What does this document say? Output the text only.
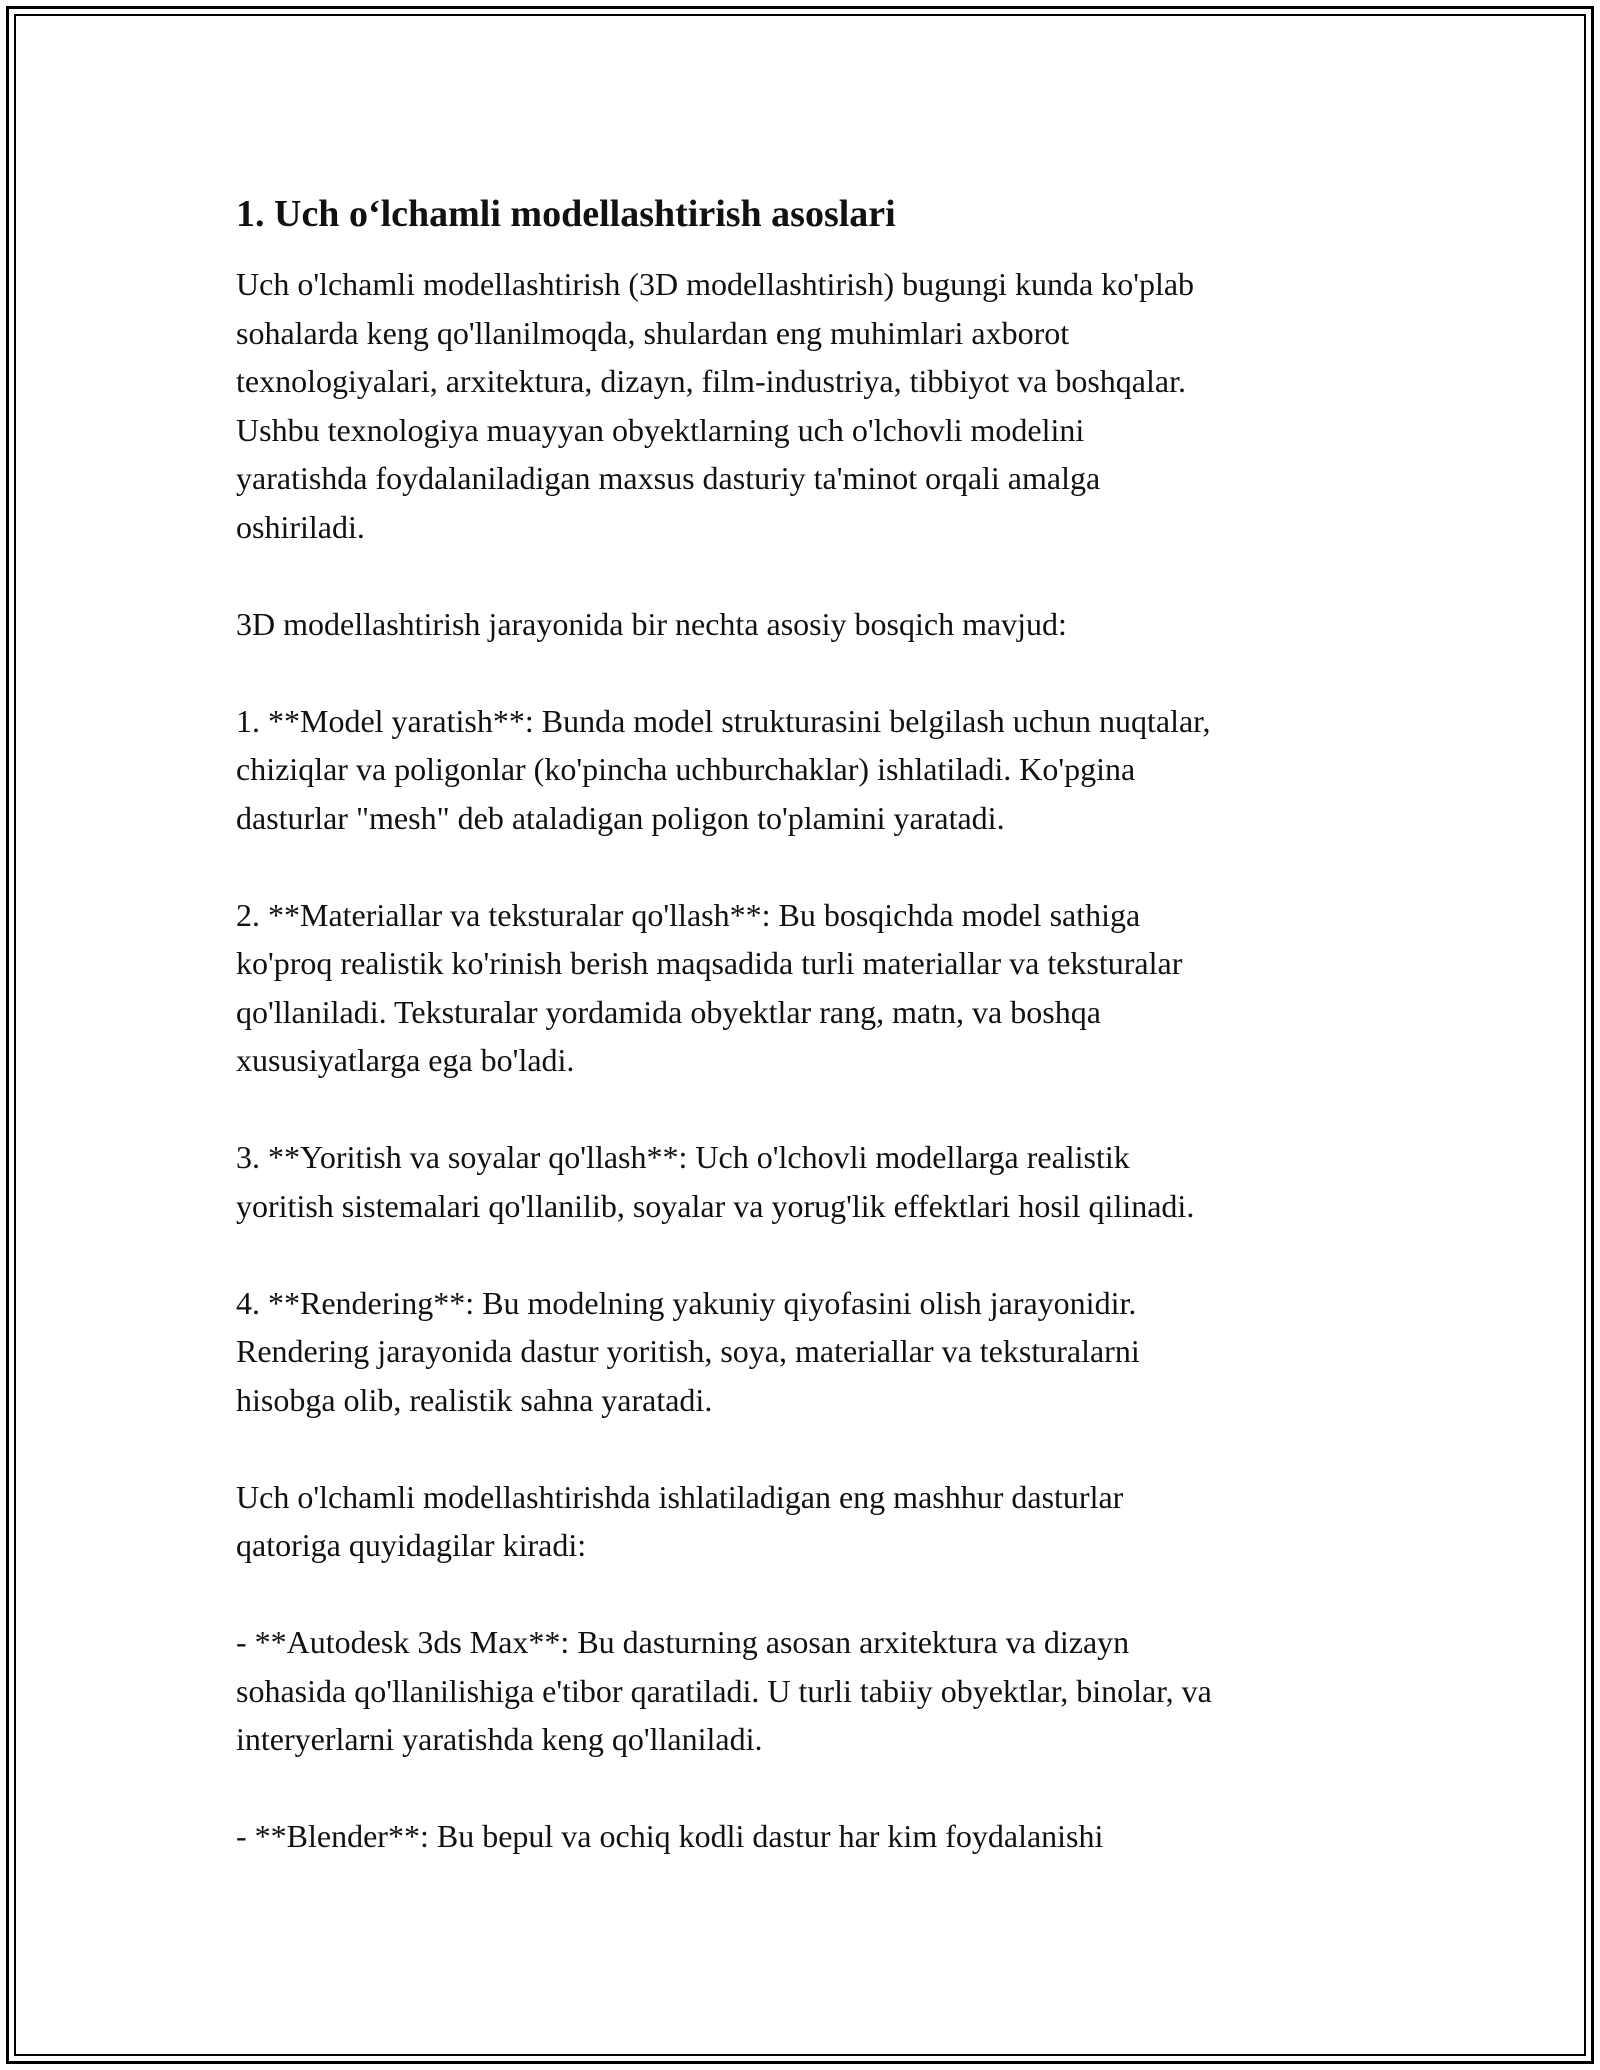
1. Uch o‘lchamli modellashtirish asoslari

Uch o'lchamli modellashtirish (3D modellashtirish) bugungi kunda ko'plab
sohalarda keng qo'llanilmoqda, shulardan eng muhimlari axborot
texnologiyalari, arxitektura, dizayn, film-industriya, tibbiyot va boshqalar.
Ushbu texnologiya muayyan obyektlarning uch o'lchovli modelini
yaratishda foydalaniladigan maxsus dasturiy ta'minot orqali amalga
oshiriladi.

3D modellashtirish jarayonida bir nechta asosiy bosqich mavjud:

1. **Model yaratish**: Bunda model strukturasini belgilash uchun nuqtalar,
chiziqlar va poligonlar (ko'pincha uchburchaklar) ishlatiladi. Ko'pgina
dasturlar "mesh" deb ataladigan poligon to'plamini yaratadi.

2. **Materiallar va teksturalar qo'llash**: Bu bosqichda model sathiga
ko'proq realistik ko'rinish berish maqsadida turli materiallar va teksturalar
qo'llaniladi. Teksturalar yordamida obyektlar rang, matn, va boshqa
xususiyatlarga ega bo'ladi.

3. **Yoritish va soyalar qo'llash**: Uch o'lchovli modellarga realistik
yoritish sistemalari qo'llanilib, soyalar va yorug'lik effektlari hosil qilinadi.

4. **Rendering**: Bu modelning yakuniy qiyofasini olish jarayonidir.
Rendering jarayonida dastur yoritish, soya, materiallar va teksturalarni
hisobga olib, realistik sahna yaratadi.

Uch o'lchamli modellashtirishda ishlatiladigan eng mashhur dasturlar
qatoriga quyidagilar kiradi:

- **Autodesk 3ds Max**: Bu dasturning asosan arxitektura va dizayn
sohasida qo'llanilishiga e'tibor qaratiladi. U turli tabiiy obyektlar, binolar, va
interyerlarni yaratishda keng qo'llaniladi.

- **Blender**: Bu bepul va ochiq kodli dastur har kim foydalanishi
